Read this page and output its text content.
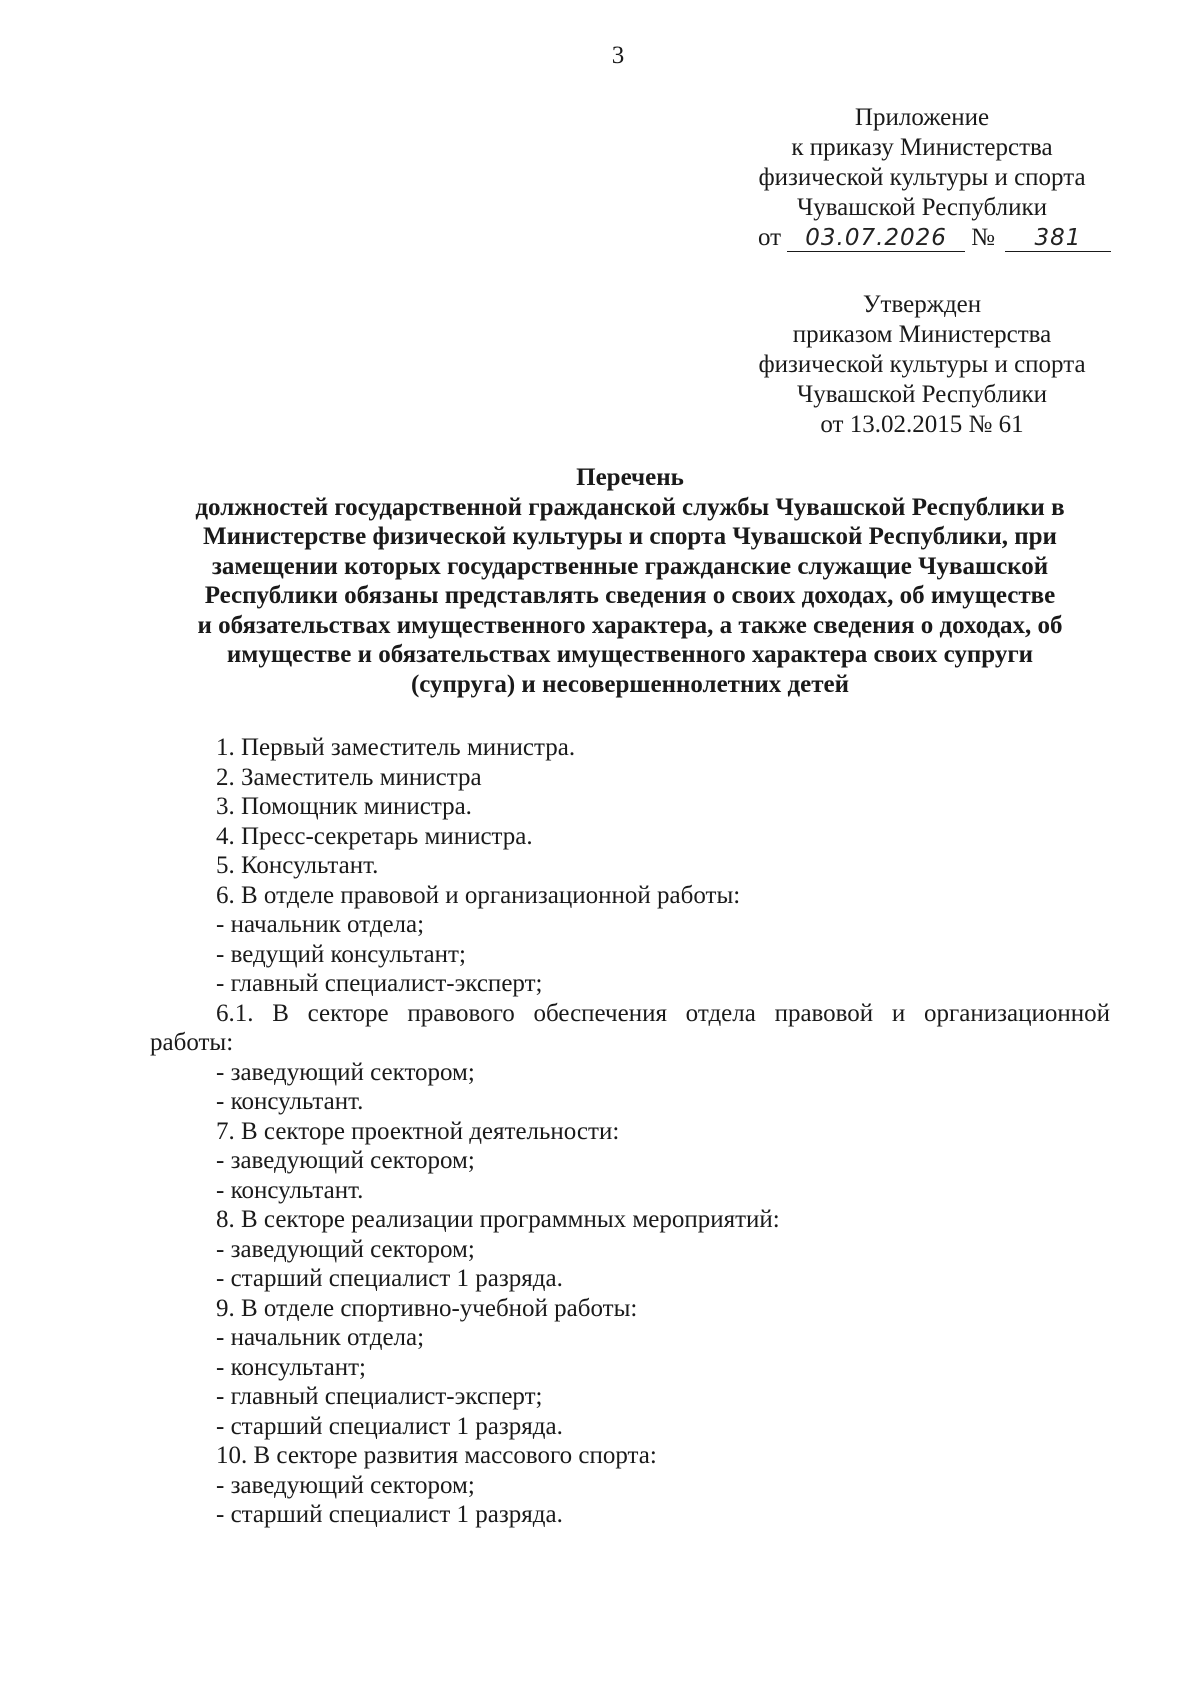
3
Приложение
к приказу Министерства
физической культуры и спорта
Чувашской Республики
от 03.07.2026 № 381
Утвержден
приказом Министерства
физической культуры и спорта
Чувашской Республики
от 13.02.2015 № 61
Перечень
должностей государственной гражданской службы Чувашской Республики в
Министерстве физической культуры и спорта Чувашской Республики, при
замещении которых государственные гражданские служащие Чувашской
Республики обязаны представлять сведения о своих доходах, об имуществе
и обязательствах имущественного характера, а также сведения о доходах, об
имуществе и обязательствах имущественного характера своих супруги
(супруга) и несовершеннолетних детей
1. Первый заместитель министра.
2. Заместитель министра
3. Помощник министра.
4. Пресс-секретарь министра.
5. Консультант.
6. В отделе правовой и организационной работы:
- начальник отдела;
- ведущий консультант;
- главный специалист-эксперт;
6.1. В секторе правового обеспечения отдела правовой и организационной
работы:
- заведующий сектором;
- консультант.
7. В секторе проектной деятельности:
- заведующий сектором;
- консультант.
8. В секторе реализации программных мероприятий:
- заведующий сектором;
- старший специалист 1 разряда.
9. В отделе спортивно-учебной работы:
- начальник отдела;
- консультант;
- главный специалист-эксперт;
- старший специалист 1 разряда.
10. В секторе развития массового спорта:
- заведующий сектором;
- старший специалист 1 разряда.
